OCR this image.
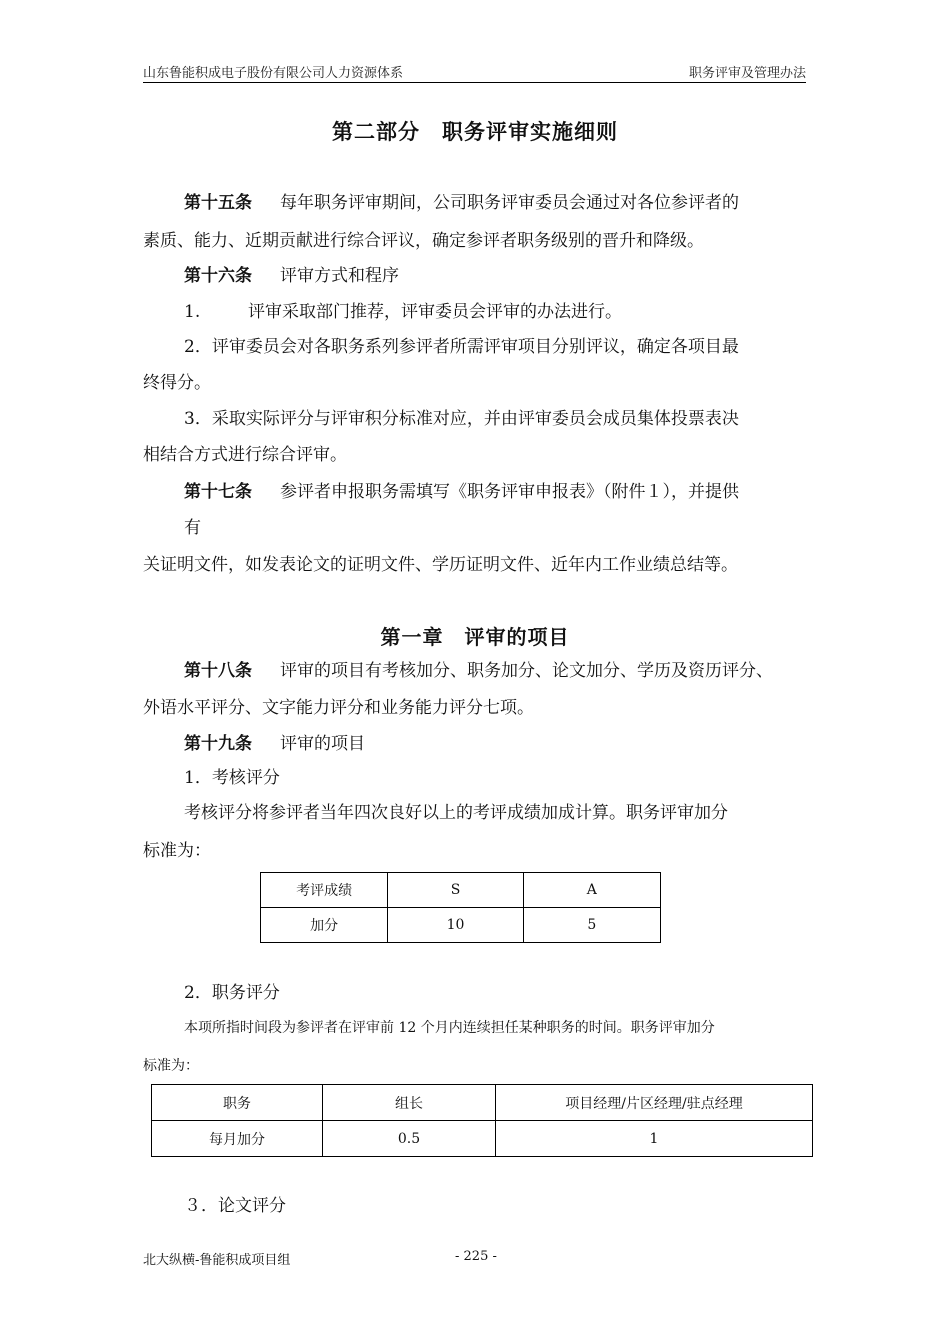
山东鲁能积成电子股份有限公司人力资源体系	职务评审及管理办法
第二部分　职务评审实施细则
第十五条 每年职务评审期间，公司职务评审委员会通过对各位参评者的
素质、能力、近期贡献进行综合评议，确定参评者职务级别的晋升和降级。
第十六条 评审方式和程序
1.	评审采取部门推荐，评审委员会评审的办法进行。
2．评审委员会对各职务系列参评者所需评审项目分别评议，确定各项目最
终得分。
3．采取实际评分与评审积分标准对应，并由评审委员会成员集体投票表决
相结合方式进行综合评审。
第十七条 参评者申报职务需填写《职务评审申报表》（附件１），并提供
有
关证明文件，如发表论文的证明文件、学历证明文件、近年内工作业绩总结等。
第一章　评审的项目
第十八条 评审的项目有考核加分、职务加分、论文加分、学历及资历评分、
外语水平评分、文字能力评分和业务能力评分七项。
第十九条 评审的项目
1．考核评分
考核评分将参评者当年四次良好以上的考评成绩加成计算。职务评审加分
标准为：
考评成绩	S	A
加分	10	5
2．职务评分
本项所指时间段为参评者在评审前 12 个月内连续担任某种职务的时间。职务评审加分
标准为：
职务	组长	项目经理/片区经理/驻点经理
每月加分	0.5	1
３．论文评分
北大纵横-鲁能积成项目组	- 225 -
